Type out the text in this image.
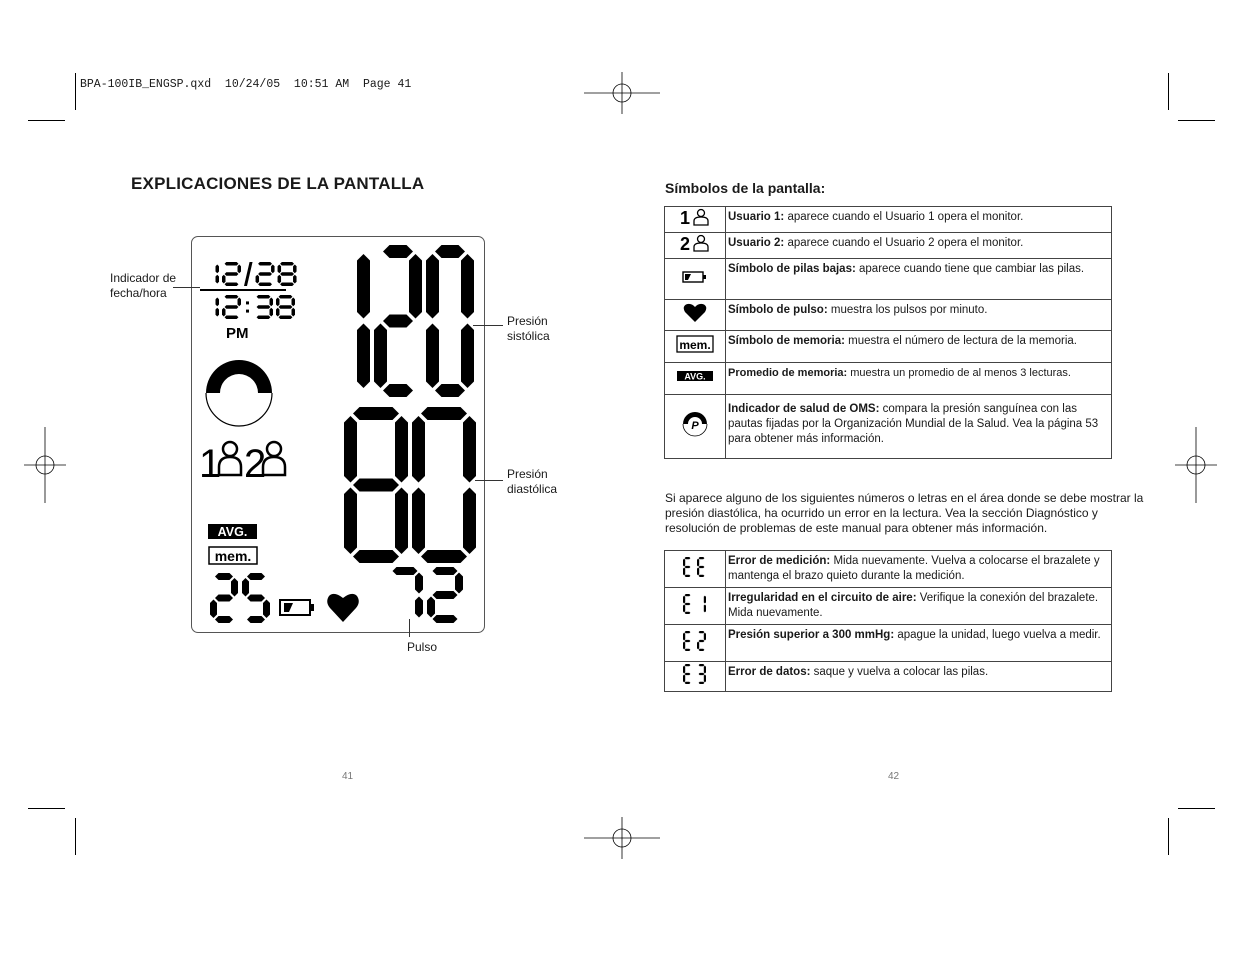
BPA-100IB_ENGSP.qxd  10/24/05  10:51 AM  Page 41
EXPLICACIONES DE LA PANTALLA
PM
1 2
AVG.
mem.
Indicador de fecha/hora
Presión sistólica
Presión diastólica
Pulso
41
Símbolos de la pantalla:
1	Usuario 1: aparece cuando el Usuario 1 opera el monitor.

2	Usuario 2: aparece cuando el Usuario 2 opera el monitor.
	Símbolo de pilas bajas: aparece cuando tiene que cambiar las pilas.
	Símbolo de pulso: muestra los pulsos por minuto.

mem.	Símbolo de memoria: muestra el número de lectura de la memoria.

AVG.	Promedio de memoria: muestra un promedio de al menos 3 lecturas.

P	Indicador de salud de OMS: compara la presión sanguínea con las pautas fijadas por la Organización Mundial de la Salud. Vea la página 53 para obtener más información.
Si aparece alguno de los siguientes números o letras en el área donde se debe mostrar la presión diastólica, ha ocurrido un error en la lectura. Vea la sección Diagnóstico y resolución de problemas de este manual para obtener más información.
	Error de medición: Mida nuevamente. Vuelva a colocarse el brazalete y mantenga el brazo quieto durante la medición.
	Irregularidad en el circuito de aire: Verifique la conexión del brazalete. Mida nuevamente.
	Presión superior a 300 mmHg: apague la unidad, luego vuelva a medir.
	Error de datos: saque y vuelva a colocar las pilas.
42
